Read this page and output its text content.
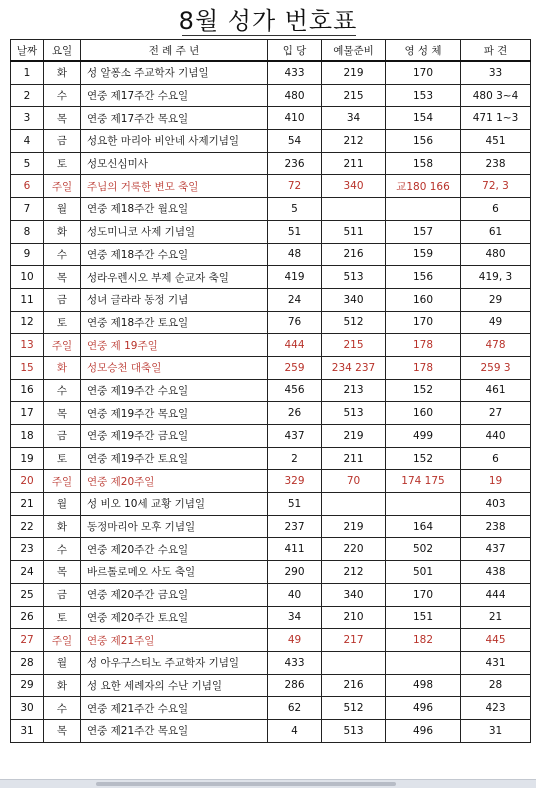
8월 성가 번호표
날짜	요일	전 례 주 년	입 당	예물준비	영 성 체	파 견
1	화	성 알퐁소 주교학자 기념일	433	219	170	33
2	수	연중 제17주간 수요일	480	215	153	480 3~4
3	목	연중 제17주간 목요일	410	34	154	471 1~3
4	금	성요한 마리아 비안네 사제기념일	54	212	156	451
5	토	성모신심미사	236	211	158	238
6	주일	주님의 거룩한 변모 축일	72	340	교180 166	72, 3
7	월	연중 제18주간 월요일	5			6
8	화	성도미니코 사제 기념일	51	511	157	61
9	수	연중 제18주간 수요일	48	216	159	480
10	목	성라우렌시오 부제 순교자 축일	419	513	156	419, 3
11	금	성녀 글라라 동정 기념	24	340	160	29
12	토	연중 제18주간 토요일	76	512	170	49
13	주일	연중 제 19주일	444	215	178	478
15	화	성모승천 대축일	259	234 237	178	259 3
16	수	연중 제19주간 수요일	456	213	152	461
17	목	연중 제19주간 목요일	26	513	160	27
18	금	연중 제19주간 금요일	437	219	499	440
19	토	연중 제19주간 토요일	2	211	152	6
20	주일	연중 제20주일	329	70	174 175	19
21	월	성 비오 10세 교황 기념일	51			403
22	화	동정마리아 모후 기념일	237	219	164	238
23	수	연중 제20주간 수요일	411	220	502	437
24	목	바르톨로메오 사도 축일	290	212	501	438
25	금	연중 제20주간 금요일	40	340	170	444
26	토	연중 제20주간 토요일	34	210	151	21
27	주일	연중 제21주일	49	217	182	445
28	월	성 아우구스티노 주교학자 기념일	433			431
29	화	성 요한 세례자의 수난 기념일	286	216	498	28
30	수	연중 제21주간 수요일	62	512	496	423
31	목	연중 제21주간 목요일	4	513	496	31
